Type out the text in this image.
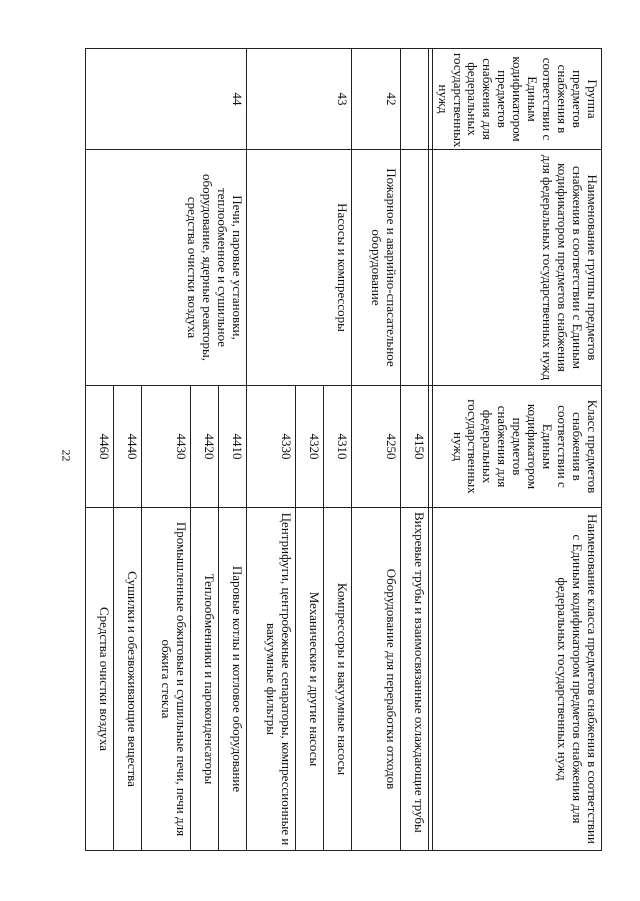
22
Группа предметов снабжения в соответствии с Единым кодификатором предметов снабжения для федеральных государственных нужд	Наименование группы предметов снабжения в соответствии с Единым кодификатором предметов снабжения для федеральных государственных нужд	Класс предметов снабжения в соответствии с Единым кодификатором предметов снабжения для федеральных государственных нужд	Наименование класса предметов снабжения в соответствии с Единым кодификатором предметов снабжения для федеральных государственных нужд

		4150	Вихревые трубы и взаимосвязанные охлаждающие трубы
42	Пожарное и аварийно-спасательное оборудование	4250	Оборудование для переработки отходов
43	Насосы и компрессоры	4310	Компрессоры и вакуумные насосы
		4320	Механические и другие насосы
		4330	Центрифуги, центробежные сепараторы, компрессионные и вакуумные фильтры
44	Печи, паровые установки, теплообменное и сушильное оборудование, ядерные реакторы, средства очистки воздуха	4410	Паровые котлы и котловое оборудование
		4420	Теплообменники и пароконденсаторы
		4430	Промышленные обжиговые и сушильные печи, печи для обжига стекла
		4440	Сушилки и обезвоживающие вещества
		4460	Средства очистки воздуха
